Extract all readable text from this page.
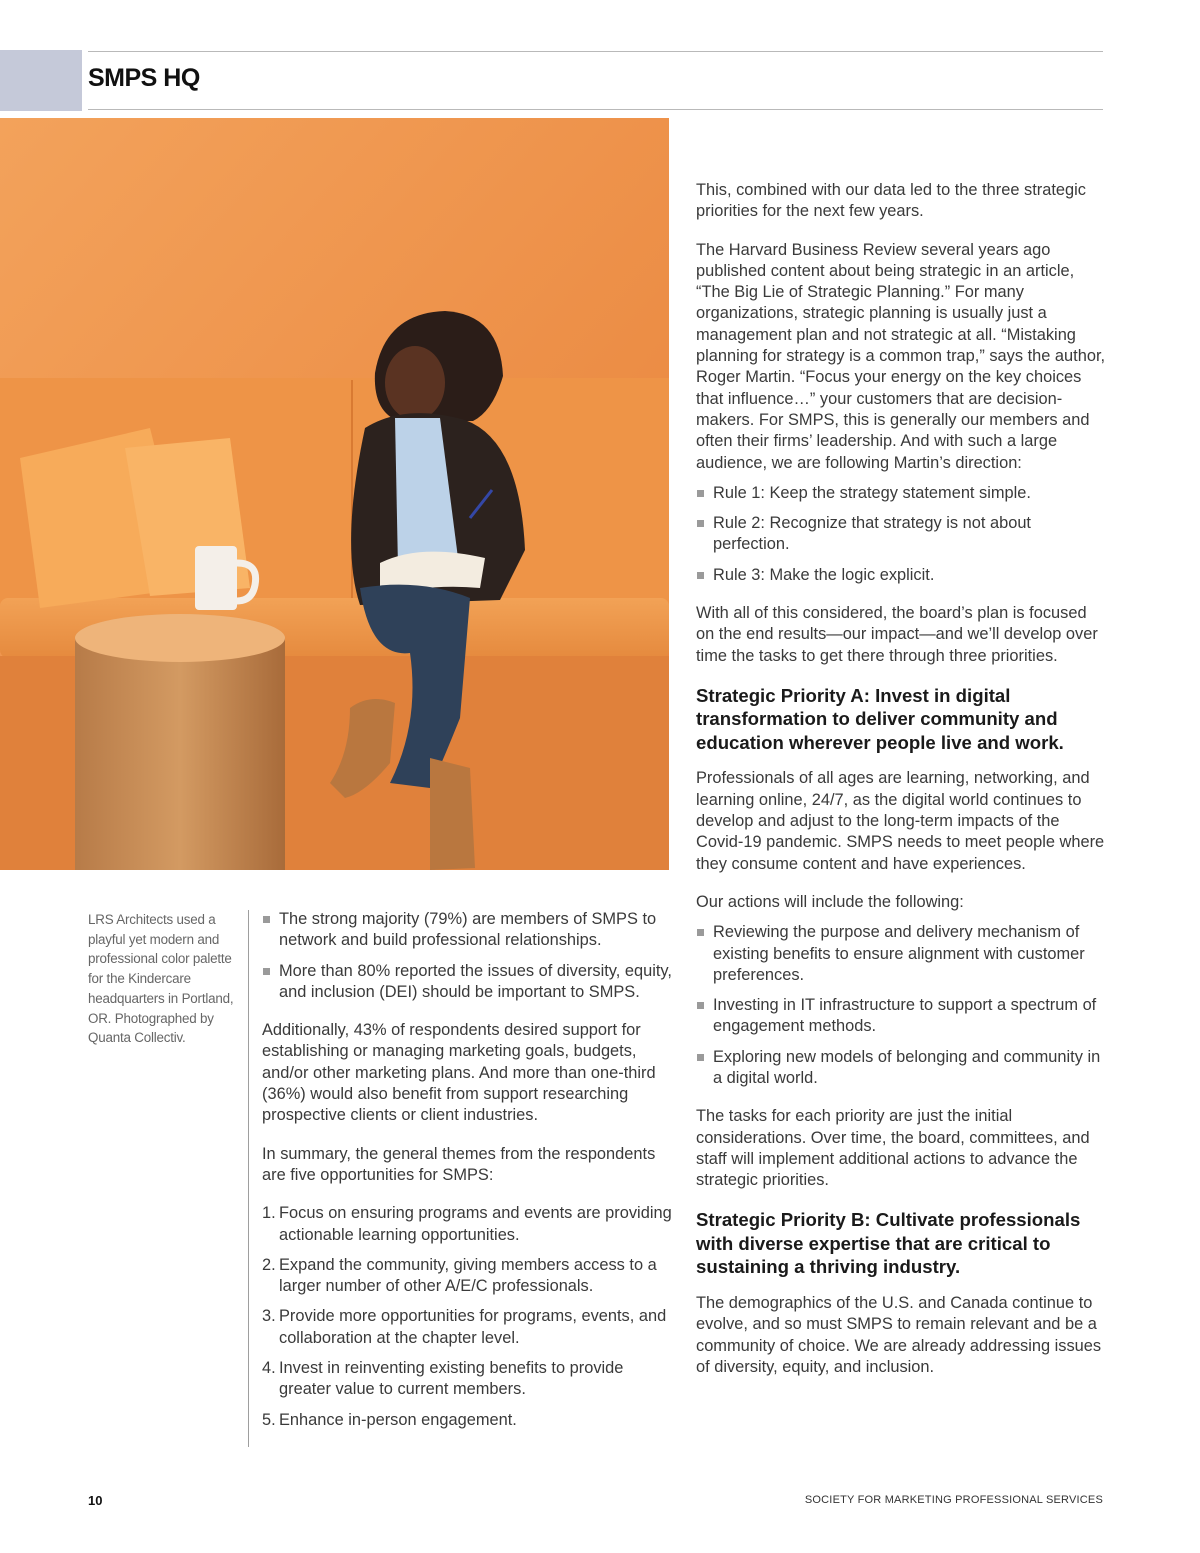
SMPS HQ
LRS Architects used a playful yet modern and professional color palette for the Kindercare headquarters in Portland, OR. Photographed by Quanta Collectiv.
The strong majority (79%) are members of SMPS to network and build professional relationships.
More than 80% reported the issues of diversity, equity, and inclusion (DEI) should be important to SMPS.

Additionally, 43% of respondents desired support for establishing or managing marketing goals, budgets, and/or other marketing plans. And more than one-third (36%) would also benefit from support researching prospective clients or client industries.

In summary, the general themes from the respondents are five opportunities for SMPS:

1. Focus on ensuring programs and events are providing actionable learning opportunities.
2. Expand the community, giving members access to a larger number of other A/E/C professionals.
3. Provide more opportunities for programs, events, and collaboration at the chapter level.
4. Invest in reinventing existing benefits to provide greater value to current members.
5. Enhance in-person engagement.

This, combined with our data led to the three strategic priorities for the next few years.

The Harvard Business Review several years ago published content about being strategic in an article, “The Big Lie of Strategic Planning.” For many organizations, strategic planning is usually just a management plan and not strategic at all. “Mistaking planning for strategy is a common trap,” says the author, Roger Martin. “Focus your energy on the key choices that influence…” your customers that are decision-makers. For SMPS, this is generally our members and often their firms’ leadership. And with such a large audience, we are following Martin’s direction:

Rule 1: Keep the strategy statement simple.
Rule 2: Recognize that strategy is not about perfection.
Rule 3: Make the logic explicit.

With all of this considered, the board’s plan is focused on the end results—our impact—and we’ll develop over time the tasks to get there through three priorities.

Strategic Priority A: Invest in digital transformation to deliver community and education wherever people live and work.

Professionals of all ages are learning, networking, and learning online, 24/7, as the digital world continues to develop and adjust to the long-term impacts of the Covid-19 pandemic. SMPS needs to meet people where they consume content and have experiences.

Our actions will include the following:

Reviewing the purpose and delivery mechanism of existing benefits to ensure alignment with customer preferences.
Investing in IT infrastructure to support a spectrum of engagement methods.
Exploring new models of belonging and community in a digital world.

The tasks for each priority are just the initial considerations. Over time, the board, committees, and staff will implement additional actions to advance the strategic priorities.

Strategic Priority B: Cultivate professionals with diverse expertise that are critical to sustaining a thriving industry.

The demographics of the U.S. and Canada continue to evolve, and so must SMPS to remain relevant and be a community of choice. We are already addressing issues of diversity, equity, and inclusion.

10	SOCIETY FOR MARKETING PROFESSIONAL SERVICES
